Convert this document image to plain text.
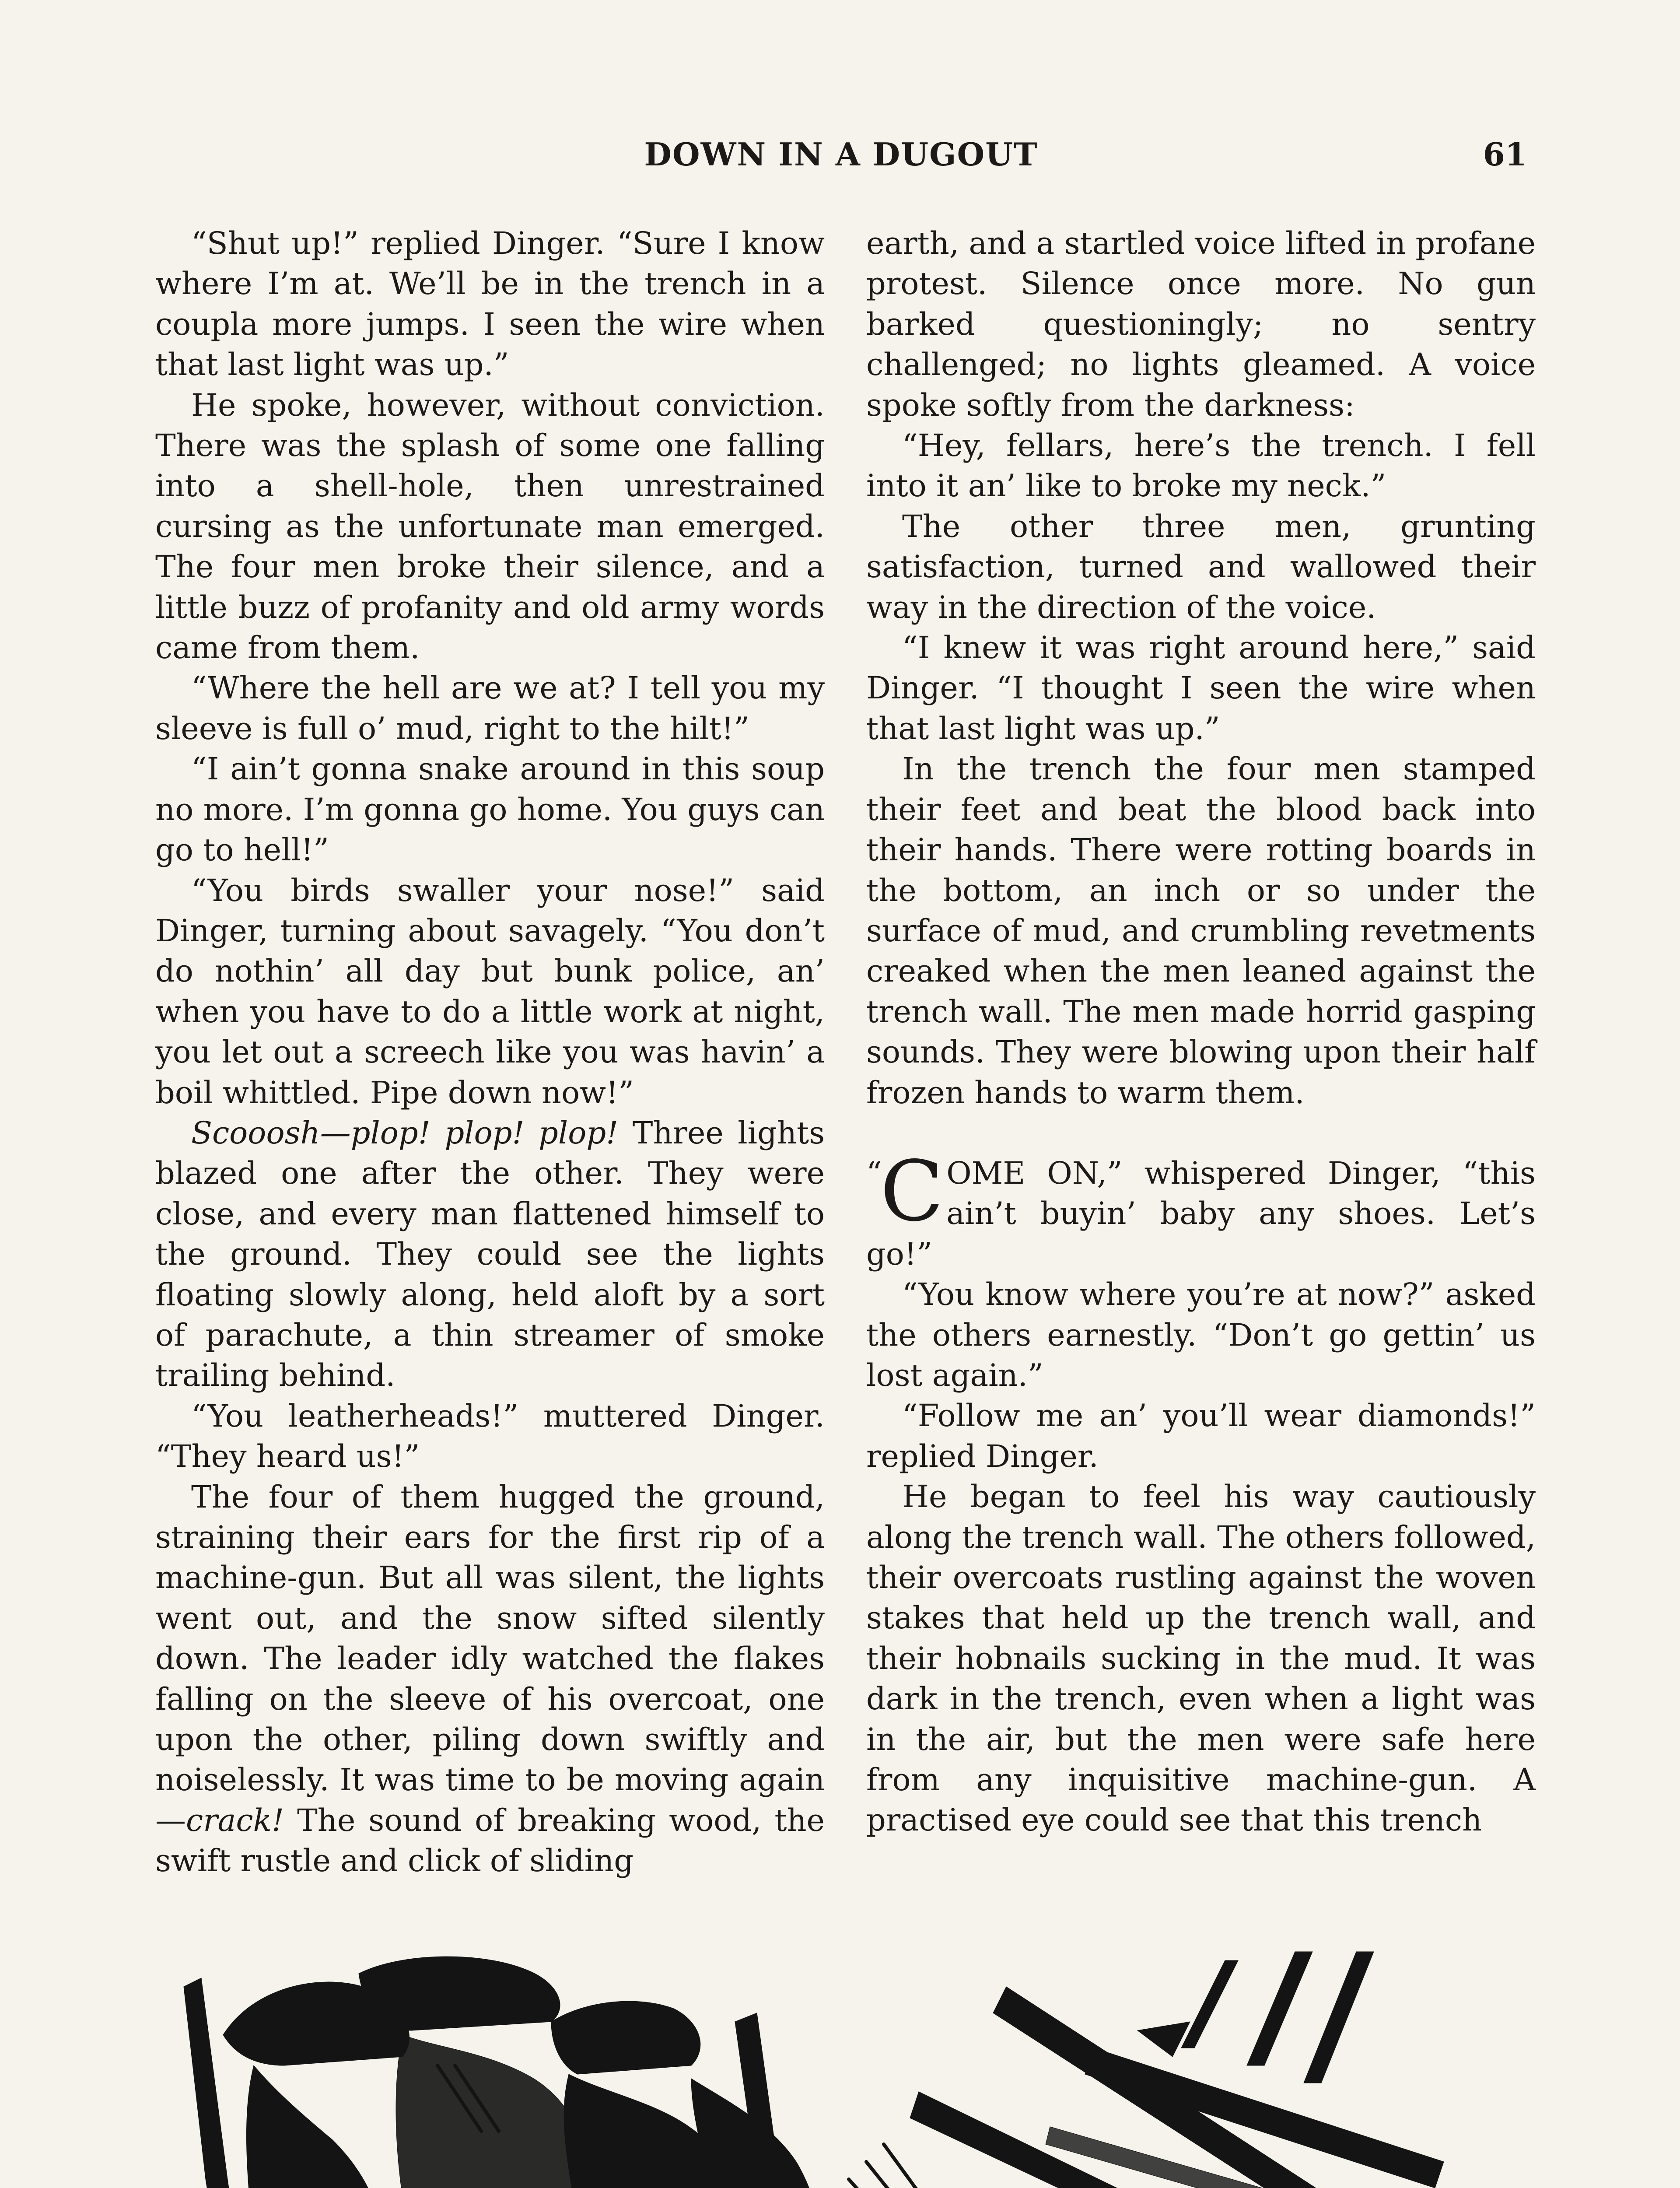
DOWN IN A DUGOUT	61

“Shut up!” replied Dinger. “Sure I know where I’m at. We’ll be in the trench in a coupla more jumps. I seen the wire when that last light was up.”

He spoke, however, without conviction. There was the splash of some one falling into a shell-hole, then unrestrained cursing as the unfortunate man emerged. The four men broke their silence, and a little buzz of profanity and old army words came from them.

“Where the hell are we at? I tell you my sleeve is full o’ mud, right to the hilt!”

“I ain’t gonna snake around in this soup no more. I’m gonna go home. You guys can go to hell!”

“You birds swaller your nose!” said Dinger, turning about savagely. “You don’t do nothin’ all day but bunk police, an’ when you have to do a little work at night, you let out a screech like you was havin’ a boil whittled. Pipe down now!”

Scooosh—plop! plop! plop! Three lights blazed one after the other. They were close, and every man flattened himself to the ground. They could see the lights floating slowly along, held aloft by a sort of parachute, a thin streamer of smoke trailing behind.

“You leatherheads!” muttered Dinger. “They heard us!”

The four of them hugged the ground, straining their ears for the first rip of a machine-gun. But all was silent, the lights went out, and the snow sifted silently down. The leader idly watched the flakes falling on the sleeve of his overcoat, one upon the other, piling down swiftly and noiselessly. It was time to be moving again—crack! The sound of breaking wood, the swift rustle and click of sliding

earth, and a startled voice lifted in profane protest. Silence once more. No gun barked questioningly; no sentry challenged; no lights gleamed. A voice spoke softly from the darkness:

“Hey, fellars, here’s the trench. I fell into it an’ like to broke my neck.”

The other three men, grunting satisfaction, turned and wallowed their way in the direction of the voice.

“I knew it was right around here,” said Dinger. “I thought I seen the wire when that last light was up.”

In the trench the four men stamped their feet and beat the blood back into their hands. There were rotting boards in the bottom, an inch or so under the surface of mud, and crumbling revetments creaked when the men leaned against the trench wall. The men made horrid gasping sounds. They were blowing upon their half frozen hands to warm them.

“
C OME ON,” whispered Dinger, “this ain’t buyin’ baby any shoes. Let’s go!”

“You know where you’re at now?” asked the others earnestly. “Don’t go gettin’ us lost again.”

“Follow me an’ you’ll wear diamonds!” replied Dinger.

He began to feel his way cautiously along the trench wall. The others followed, their overcoats rustling against the woven stakes that held up the trench wall, and their hobnails sucking in the mud. It was dark in the trench, even when a light was in the air, but the men were safe here from any inquisitive machine-gun. A practised eye could see that this trench
